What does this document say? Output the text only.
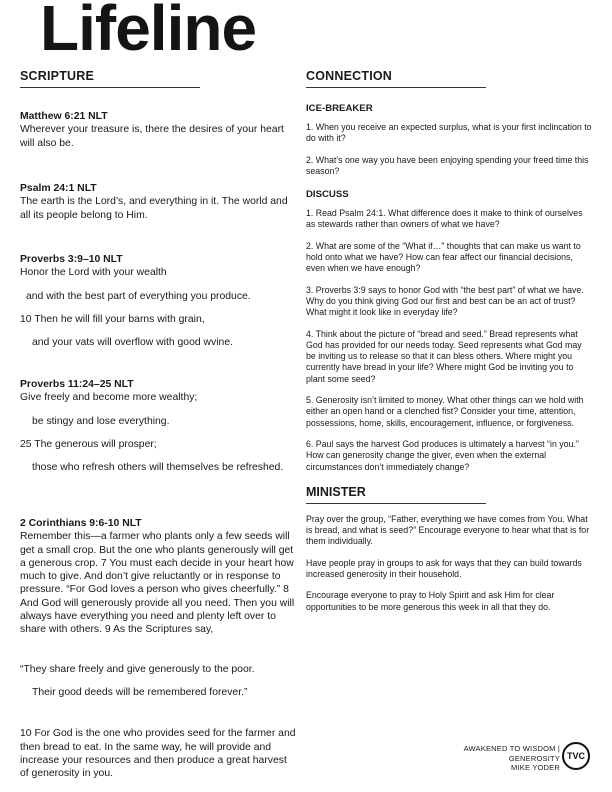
Lifeline
SCRIPTURE

Matthew 6:21 NLT

Wherever your treasure is, there the desires of your heart will also be.

Psalm 24:1 NLT

The earth is the Lord’s, and everything in it. The world and all its people belong to Him.

Proverbs 3:9–10 NLT

Honor the Lord with your wealth

and with the best part of everything you produce.

10 Then he will fill your barns with grain,

and your vats will overflow with good wvine.

Proverbs 11:24–25 NLT

Give freely and become more wealthy;

be stingy and lose everything.

25 The generous will prosper;

those who refresh others will themselves be refreshed.

2 Corinthians 9:6-10 NLT

Remember this—a farmer who plants only a few seeds will get a small crop. But the one who plants generously will get a generous crop. 7 You must each decide in your heart how much to give. And don’t give reluctantly or in response to pressure. “For God loves a person who gives cheerfully.” 8 And God will generously provide all you need. Then you will always have everything you need and plenty left over to share with others. 9 As the Scriptures say,

“They share freely and give generously to the poor.

Their good deeds will be remembered forever.”

10 For God is the one who provides seed for the farmer and then bread to eat. In the same way, he will provide and increase your resources and then produce a great harvest of generosity in you.

CONNECTION
ICE-BREAKER

1. When you receive an expected surplus, what is your first inclincation to do with it?

2. What’s one way you have been enjoying spending your freed time this season?

DISCUSS

1. Read Psalm 24:1. What difference does it make to think of ourselves as stewards rather than owners of what we have?

2. What are some of the “What if…” thoughts that can make us want to hold onto what we have? How can fear affect our financial decisions, even when we have enough?

3. Proverbs 3:9 says to honor God with “the best part” of what we have. Why do you think giving God our first and best can be an act of trust? What might it look like in everyday life?

4. Think about the picture of “bread and seed.” Bread represents what God has provided for our needs today. Seed represents what God may be inviting us to release so that it can bless others. Where might you currently have bread in your life? Where might God be inviting you to plant some seed?

5. Generosity isn’t limited to money. What other things can we hold with either an open hand or a clenched fist? Consider your time, attention, possessions, home, skills, encouragement, influence, or forgiveness.

6. Paul says the harvest God produces is ultimately a harvest “in you.” How can generosity change the giver, even when the external circumstances don’t immediately change?

MINISTER

Pray over the group, “Father, everything we have comes from You. What is bread, and what is seed?” Encourage everyone to hear what that is for them individually.

Have people pray in groups to ask for ways that they can build towards increased generosity in their household.

Encourage everyone to pray to Holy Spirit and ask Him for clear opportunities to be more generous this week in all that they do.

AWAKENED TO WISDOM |
GENEROSITY
MIKE YODER
TVC
